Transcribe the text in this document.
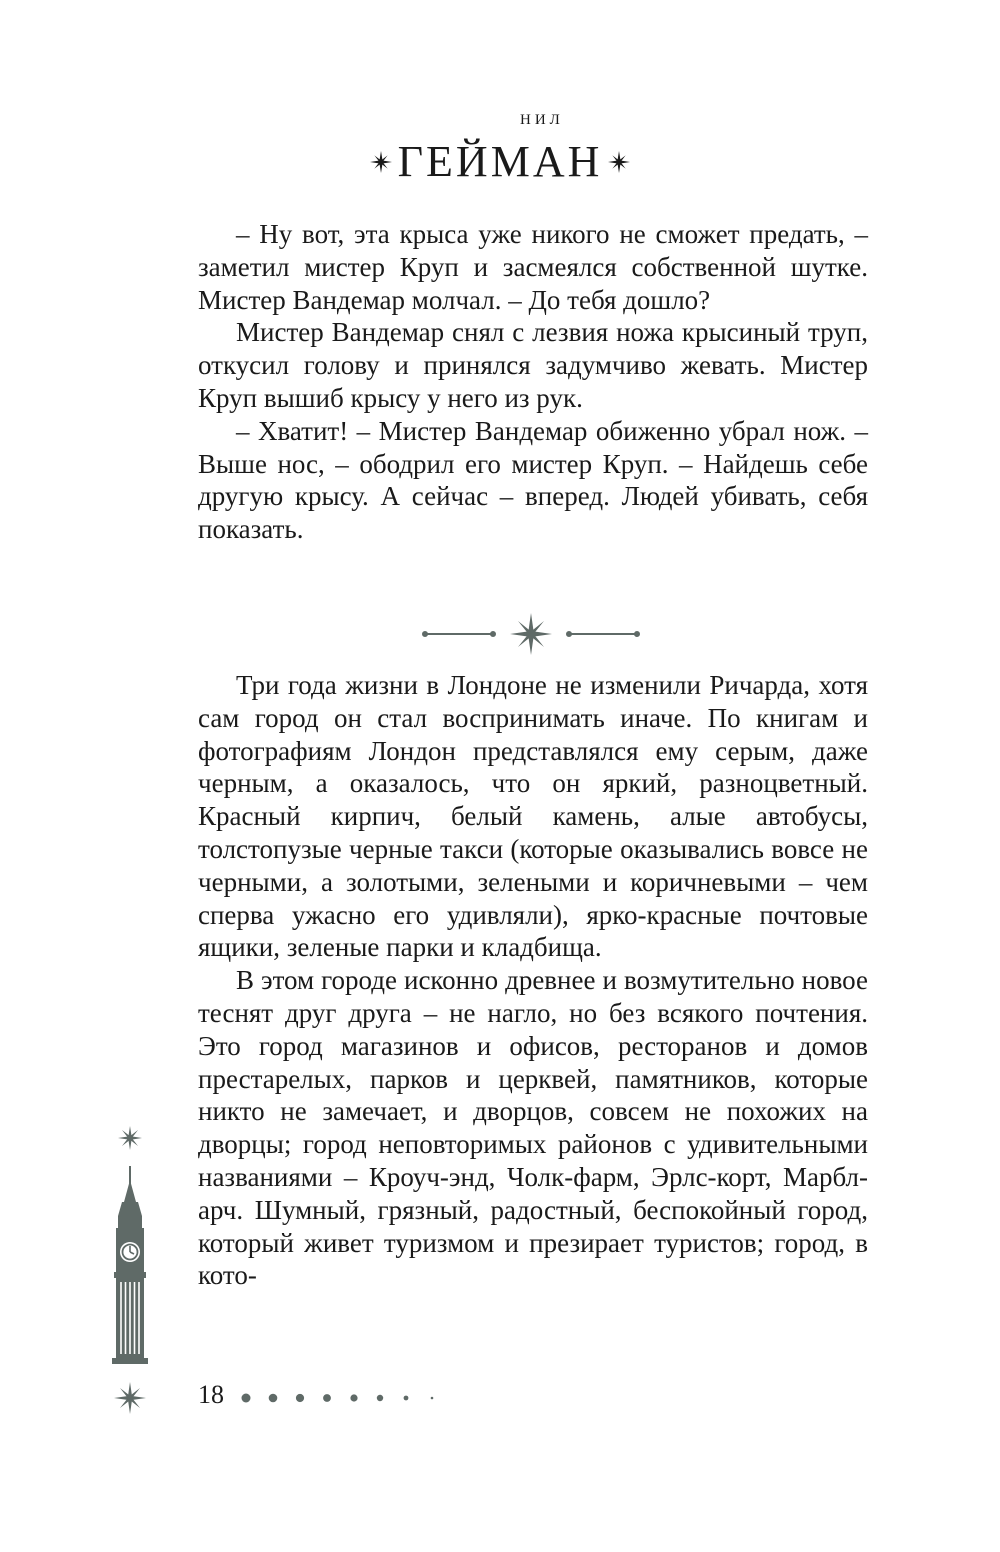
НИЛ
ГЕЙМАН

– Ну вот, эта крыса уже никого не сможет предать, – заметил мистер Круп и засмеялся собственной шутке. Мистер Вандемар молчал. – До тебя дошло?

Мистер Вандемар снял с лезвия ножа крысиный труп, откусил голову и принялся задумчиво жевать. Мистер Круп вышиб крысу у него из рук.

– Хватит! – Мистер Вандемар обиженно убрал нож. – Выше нос, – ободрил его мистер Круп. – Найдешь себе другую крысу. А сейчас – вперед. Людей убивать, себя показать.

Три года жизни в Лондоне не изменили Ричарда, хотя сам город он стал воспринимать иначе. По книгам и фотографиям Лондон представлялся ему серым, даже черным, а оказалось, что он яркий, разноцветный. Красный кирпич, белый камень, алые автобусы, толстопузые черные такси (которые оказывались вовсе не черными, а золотыми, зелеными и коричневыми – чем сперва ужасно его удивляли), ярко-красные почтовые ящики, зеленые парки и кладбища.

В этом городе исконно древнее и возмутительно новое теснят друг друга – не нагло, но без всякого почтения. Это город магазинов и офисов, ресторанов и домов престарелых, парков и церквей, памятников, которые никто не замечает, и дворцов, совсем не похожих на дворцы; город неповторимых районов с удивительными названиями – Кроуч-энд, Чолк-фарм, Эрлс-корт, Марбл-арч. Шумный, грязный, радостный, беспокойный город, который живет туризмом и презирает туристов; город, в кото-

18
